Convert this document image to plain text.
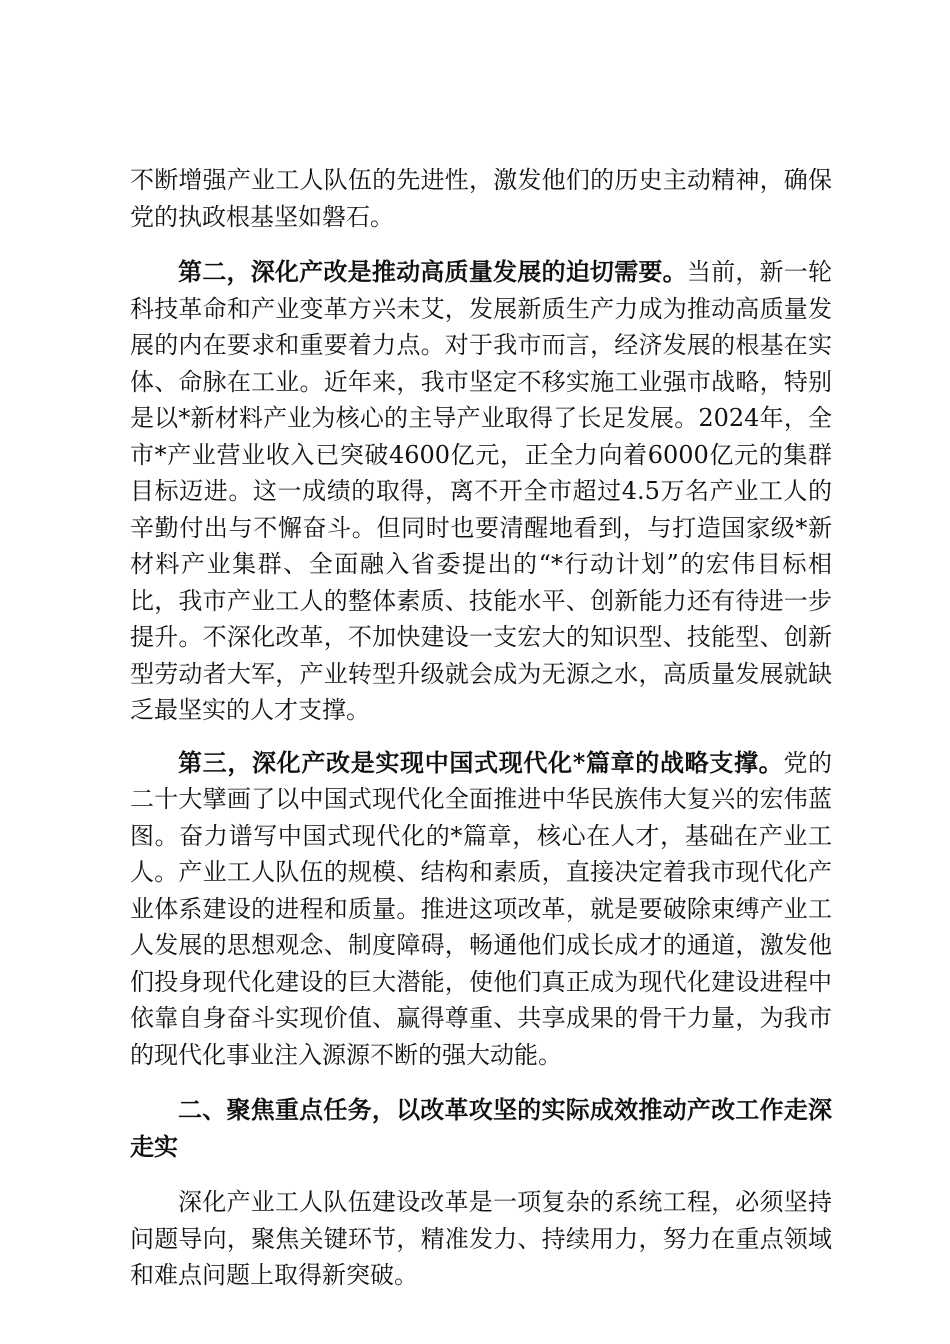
不断增强产业工人队伍的先进性，激发他们的历史主动精神，确保党的执政根基坚如磐石。

第二，深化产改是推动高质量发展的迫切需要。当前，新一轮科技革命和产业变革方兴未艾，发展新质生产力成为推动高质量发展的内在要求和重要着力点。对于我市而言，经济发展的根基在实体、命脉在工业。近年来，我市坚定不移实施工业强市战略，特别是以*新材料产业为核心的主导产业取得了长足发展。2024年，全市*产业营业收入已突破4600亿元，正全力向着6000亿元的集群目标迈进。这一成绩的取得，离不开全市超过4.5万名产业工人的辛勤付出与不懈奋斗。但同时也要清醒地看到，与打造国家级*新材料产业集群、全面融入省委提出的“*行动计划”的宏伟目标相比，我市产业工人的整体素质、技能水平、创新能力还有待进一步提升。不深化改革，不加快建设一支宏大的知识型、技能型、创新型劳动者大军，产业转型升级就会成为无源之水，高质量发展就缺乏最坚实的人才支撑。

第三，深化产改是实现中国式现代化*篇章的战略支撑。党的二十大擘画了以中国式现代化全面推进中华民族伟大复兴的宏伟蓝图。奋力谱写中国式现代化的*篇章，核心在人才，基础在产业工人。产业工人队伍的规模、结构和素质，直接决定着我市现代化产业体系建设的进程和质量。推进这项改革，就是要破除束缚产业工人发展的思想观念、制度障碍，畅通他们成长成才的通道，激发他们投身现代化建设的巨大潜能，使他们真正成为现代化建设进程中依靠自身奋斗实现价值、赢得尊重、共享成果的骨干力量，为我市的现代化事业注入源源不断的强大动能。

二、聚焦重点任务，以改革攻坚的实际成效推动产改工作走深走实

深化产业工人队伍建设改革是一项复杂的系统工程，必须坚持问题导向，聚焦关键环节，精准发力、持续用力，努力在重点领域和难点问题上取得新突破。
